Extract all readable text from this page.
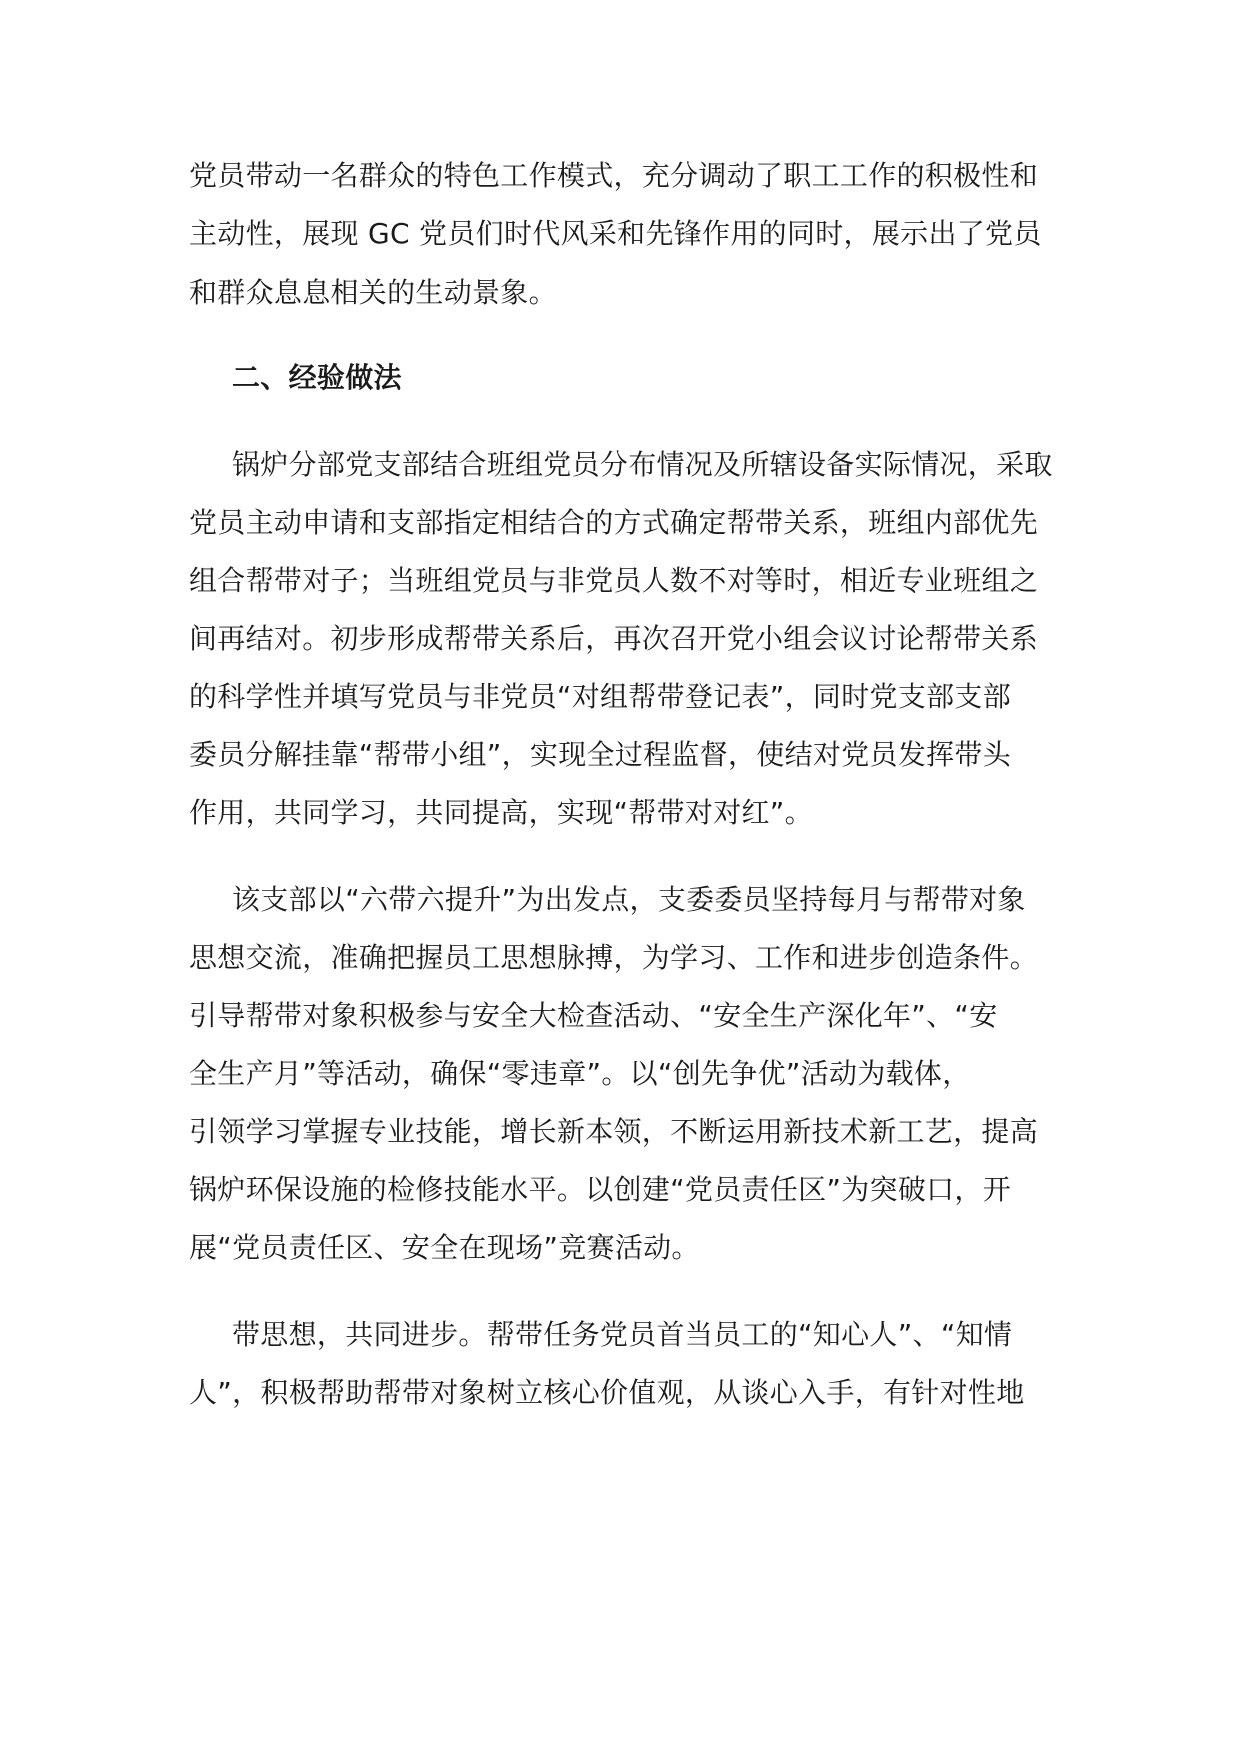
党员带动一名群众的特色工作模式，充分调动了职工工作的积极性和

主动性，展现 GC 党员们时代风采和先锋作用的同时，展示出了党员

和群众息息相关的生动景象。

二、经验做法

锅炉分部党支部结合班组党员分布情况及所辖设备实际情况，采取

党员主动申请和支部指定相结合的方式确定帮带关系，班组内部优先

组合帮带对子；当班组党员与非党员人数不对等时，相近专业班组之

间再结对。初步形成帮带关系后，再次召开党小组会议讨论帮带关系

的科学性并填写党员与非党员“对组帮带登记表”，同时党支部支部

委员分解挂靠“帮带小组”，实现全过程监督，使结对党员发挥带头

作用，共同学习，共同提高，实现“帮带对对红”。

该支部以“六带六提升”为出发点，支委委员坚持每月与帮带对象

思想交流，准确把握员工思想脉搏，为学习、工作和进步创造条件。

引导帮带对象积极参与安全大检查活动、“安全生产深化年”、“安

全生产月”等活动，确保“零违章”。以“创先争优”活动为载体，

引领学习掌握专业技能，增长新本领，不断运用新技术新工艺，提高

锅炉环保设施的检修技能水平。以创建“党员责任区”为突破口，开

展“党员责任区、安全在现场”竞赛活动。

带思想，共同进步。帮带任务党员首当员工的“知心人”、“知情

人”，积极帮助帮带对象树立核心价值观，从谈心入手，有针对性地
